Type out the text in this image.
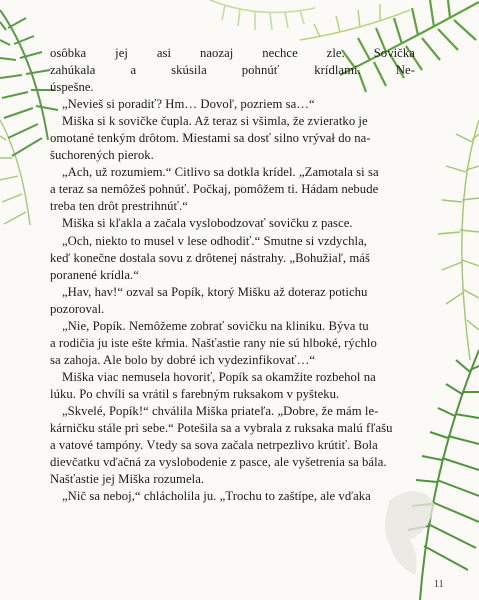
osôbka jej asi naozaj nechce zle. Sovička
zahúkala	a	skúsila	pohnúť	krídlami.	Ne-
úspešne.
„Nevieš si poradiť? Hm… Dovoľ, pozriem sa…“
Miška si k sovičke čupla. Až teraz si všimla, že zvieratko je
omotané tenkým drôtom. Miestami sa dosť silno vrývał do na-
šuchorených pierok.
„Ach, už rozumiem.“ Citlivo sa dotkla krídel. „Zamotala si sa
a teraz sa nemôžeš pohnúť. Počkaj, pomôžem ti. Hádam nebude
treba ten drôt prestrihnúť.“
Miška si kľakla a začala vyslobodzovať sovičku z pasce.
„Och, niekto to musel v lese odhodiť.“ Smutne si vzdychla,
keď konečne dostala sovu z drôtenej nástrahy. „Bohužiaľ, máš
poranené krídla.“
„Hav, hav!“ ozval sa Popík, ktorý Mišku až doteraz potichu
pozoroval.
„Nie, Popík. Nemôžeme zobrať sovičku na kliniku. Býva tu
a rodičia ju iste ešte kŕmia. Našťastie rany nie sú hlboké, rýchlo
sa zahoja. Ale bolo by dobré ich vydezinfikovať…“
Miška viac nemusela hovoriť, Popík sa okamžite rozbehol na
lúku. Po chvíli sa vrátil s farebným ruksakom v pyšteku.
„Skvelé, Popík!“ chválila Miška priateľa. „Dobre, že mám le-
kárničku stále pri sebe.“ Potešila sa a vybrala z ruksaka malú fľašu
a vatové tampóny. Vtedy sa sova začala netrpezlivo krútiť. Bola
dievčatku vďačná za vyslobodenie z pasce, ale vyšetrenia sa bála.
Našťastie jej Miška rozumela.
„Nič sa neboj,“ chlácholila ju. „Trochu to zaštípe, ale vďaka
11
